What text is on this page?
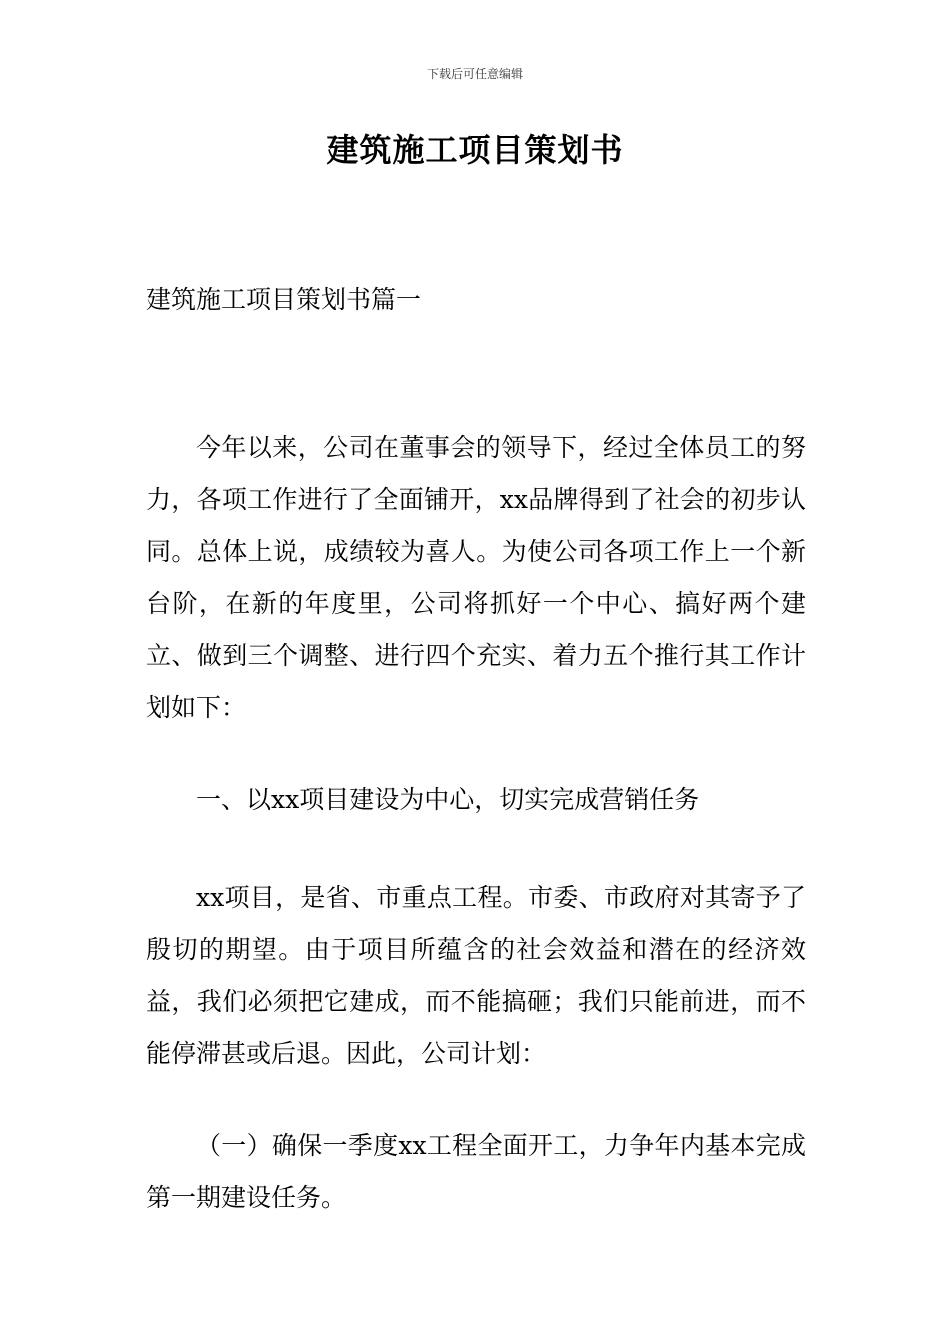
下载后可任意编辑
建筑施工项目策划书
建筑施工项目策划书篇一

今年以来，公司在董事会的领导下，经过全体员工的努力，各项工作进行了全面铺开，xx品牌得到了社会的初步认同。总体上说，成绩较为喜人。为使公司各项工作上一个新台阶，在新的年度里，公司将抓好一个中心、搞好两个建立、做到三个调整、进行四个充实、着力五个推行其工作计划如下：

一、以xx项目建设为中心，切实完成营销任务

xx项目，是省、市重点工程。市委、市政府对其寄予了殷切的期望。由于项目所蕴含的社会效益和潜在的经济效益，我们必须把它建成，而不能搞砸；我们只能前进，而不能停滞甚或后退。因此，公司计划：

（一）确保一季度xx工程全面开工，力争年内基本完成第一期建设任务。
